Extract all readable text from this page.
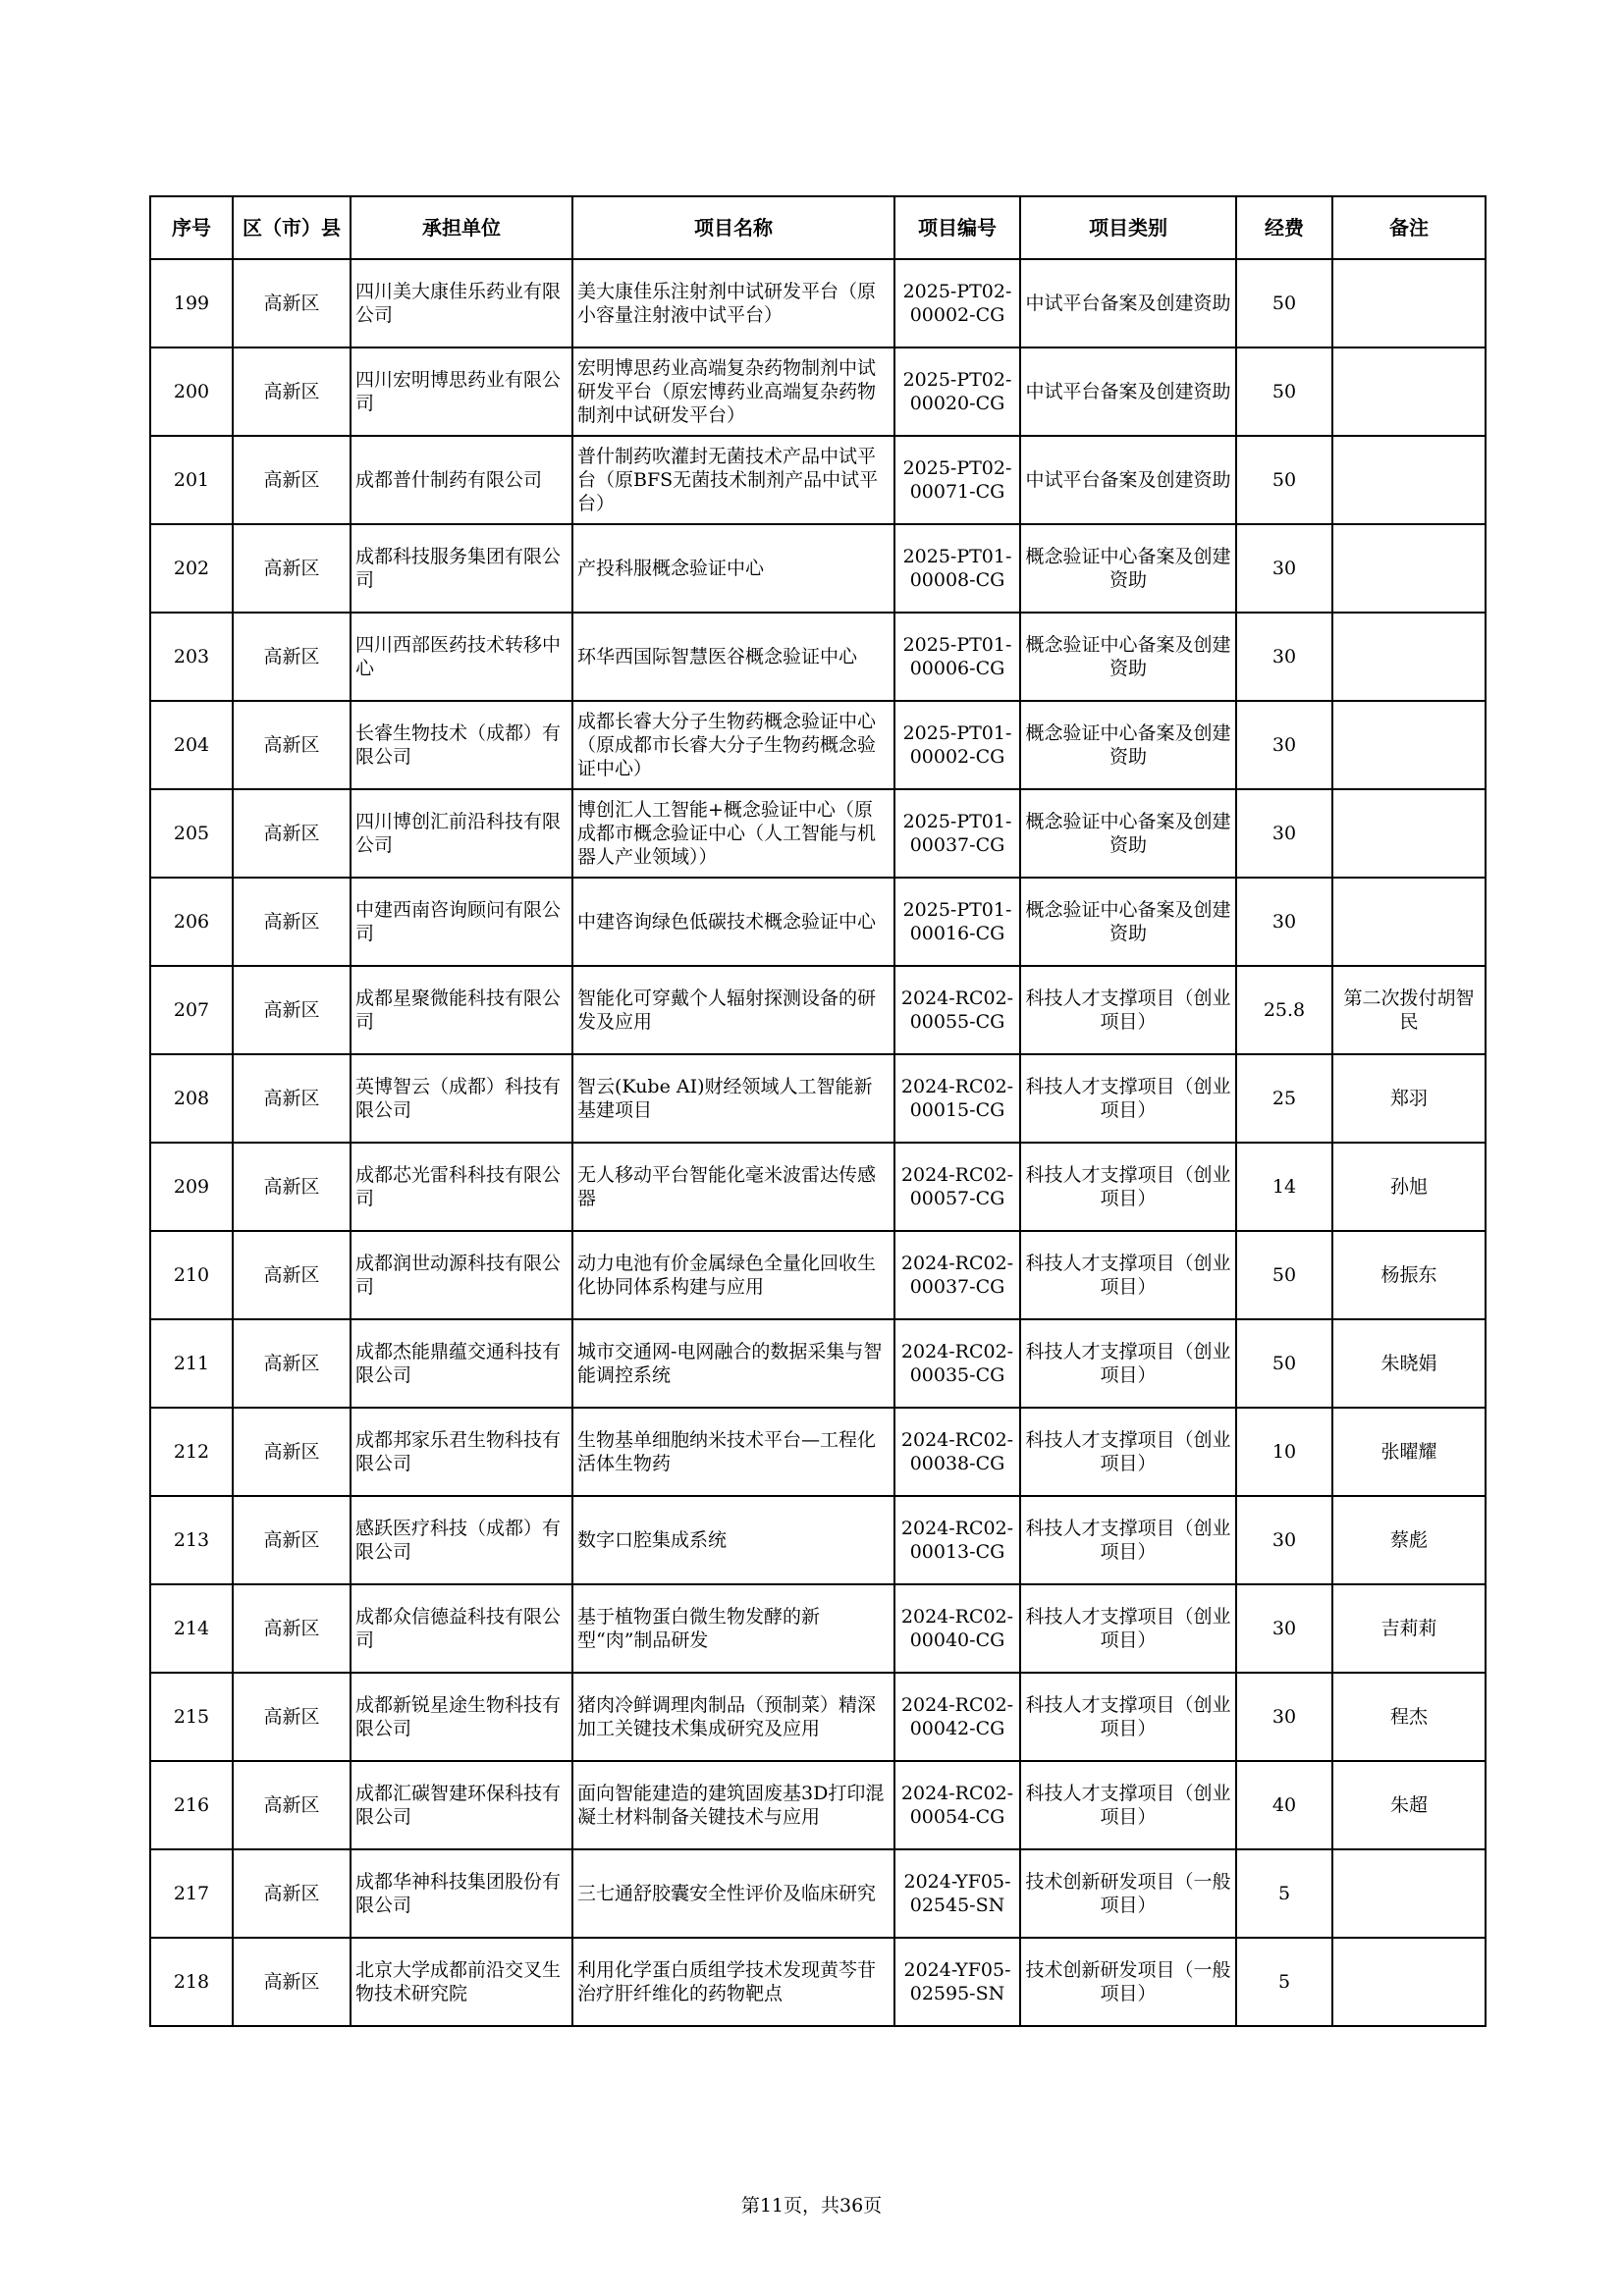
序号	区（市）县	承担单位	项目名称	项目编号	项目类别	经费	备注
199	高新区	四川美大康佳乐药业有限公司	美大康佳乐注射剂中试研发平台（原小容量注射液中试平台）	2025-PT02-00002-CG	中试平台备案及创建资助	50	
200	高新区	四川宏明博思药业有限公司	宏明博思药业高端复杂药物制剂中试研发平台（原宏博药业高端复杂药物制剂中试研发平台）	2025-PT02-00020-CG	中试平台备案及创建资助	50	
201	高新区	成都普什制药有限公司	普什制药吹灌封无菌技术产品中试平台（原BFS无菌技术制剂产品中试平台）	2025-PT02-00071-CG	中试平台备案及创建资助	50	
202	高新区	成都科技服务集团有限公司	产投科服概念验证中心	2025-PT01-00008-CG	概念验证中心备案及创建资助	30	
203	高新区	四川西部医药技术转移中心	环华西国际智慧医谷概念验证中心	2025-PT01-00006-CG	概念验证中心备案及创建资助	30	
204	高新区	长睿生物技术（成都）有限公司	成都长睿大分子生物药概念验证中心（原成都市长睿大分子生物药概念验证中心）	2025-PT01-00002-CG	概念验证中心备案及创建资助	30	
205	高新区	四川博创汇前沿科技有限公司	博创汇人工智能+概念验证中心（原成都市概念验证中心（人工智能与机器人产业领域））	2025-PT01-00037-CG	概念验证中心备案及创建资助	30	
206	高新区	中建西南咨询顾问有限公司	中建咨询绿色低碳技术概念验证中心	2025-PT01-00016-CG	概念验证中心备案及创建资助	30	
207	高新区	成都星聚微能科技有限公司	智能化可穿戴个人辐射探测设备的研发及应用	2024-RC02-00055-CG	科技人才支撑项目（创业项目）	25.8	第二次拨付胡智民
208	高新区	英博智云（成都）科技有限公司	智云(Kube AI)财经领域人工智能新基建项目	2024-RC02-00015-CG	科技人才支撑项目（创业项目）	25	郑羽
209	高新区	成都芯光雷科科技有限公司	无人移动平台智能化毫米波雷达传感器	2024-RC02-00057-CG	科技人才支撑项目（创业项目）	14	孙旭
210	高新区	成都润世动源科技有限公司	动力电池有价金属绿色全量化回收生化协同体系构建与应用	2024-RC02-00037-CG	科技人才支撑项目（创业项目）	50	杨振东
211	高新区	成都杰能鼎蕴交通科技有限公司	城市交通网-电网融合的数据采集与智能调控系统	2024-RC02-00035-CG	科技人才支撑项目（创业项目）	50	朱晓娟
212	高新区	成都邦家乐君生物科技有限公司	生物基单细胞纳米技术平台—工程化活体生物药	2024-RC02-00038-CG	科技人才支撑项目（创业项目）	10	张曜耀
213	高新区	感跃医疗科技（成都）有限公司	数字口腔集成系统	2024-RC02-00013-CG	科技人才支撑项目（创业项目）	30	蔡彪
214	高新区	成都众信德益科技有限公司	基于植物蛋白微生物发酵的新型“肉”制品研发	2024-RC02-00040-CG	科技人才支撑项目（创业项目）	30	吉莉莉
215	高新区	成都新锐星途生物科技有限公司	猪肉冷鲜调理肉制品（预制菜）精深加工关键技术集成研究及应用	2024-RC02-00042-CG	科技人才支撑项目（创业项目）	30	程杰
216	高新区	成都汇碳智建环保科技有限公司	面向智能建造的建筑固废基3D打印混凝土材料制备关键技术与应用	2024-RC02-00054-CG	科技人才支撑项目（创业项目）	40	朱超
217	高新区	成都华神科技集团股份有限公司	三七通舒胶囊安全性评价及临床研究	2024-YF05-02545-SN	技术创新研发项目（一般项目）	5	
218	高新区	北京大学成都前沿交叉生物技术研究院	利用化学蛋白质组学技术发现黄芩苷治疗肝纤维化的药物靶点	2024-YF05-02595-SN	技术创新研发项目（一般项目）	5	
第11页，共36页
